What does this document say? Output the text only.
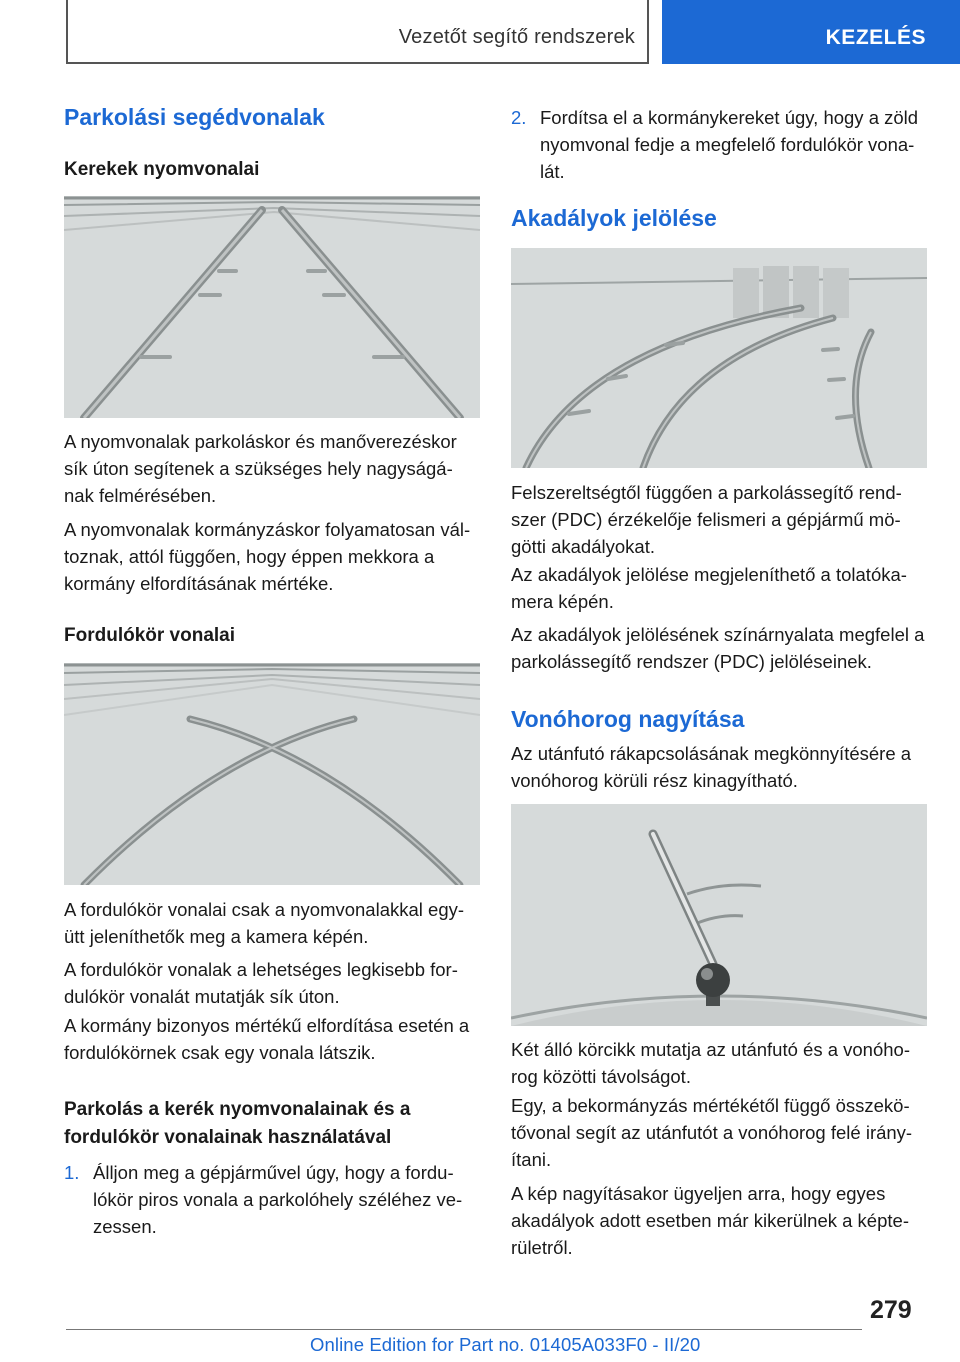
Vezetőt segítő rendszerek	KEZELÉS
Parkolási segédvonalak
Kerekek nyomvonalai

A nyomvonalak parkoláskor és manőverezéskor sík úton segítenek a szükséges hely nagyságá-nak felmérésében.

A nyomvonalak kormányzáskor folyamatosan vál-toznak, attól függően, hogy éppen mekkora a kormány elfordításának mértéke.

Fordulókör vonalai

A fordulókör vonalai csak a nyomvonalakkal egy-ütt jeleníthetők meg a kamera képén.

A fordulókör vonalak a lehetséges legkisebb for-dulókör vonalát mutatják sík úton.

A kormány bizonyos mértékű elfordítása esetén a fordulókörnek csak egy vonala látszik.

Parkolás a kerék nyomvonalainak és a fordulókör vonalainak használatával
1. Álljon meg a gépjárművel úgy, hogy a fordu-lókör piros vonala a parkolóhely széléhez ve-zessen.
2. Fordítsa el a kormánykereket úgy, hogy a zöld nyomvonal fedje a megfelelő fordulókör vona-lát.
Akadályok jelölése

Felszereltségtől függően a parkolássegítő rend-szer (PDC) érzékelője felismeri a gépjármű mö-götti akadályokat.

Az akadályok jelölése megjeleníthető a tolatóka-mera képén.

Az akadályok jelölésének színárnyalata megfelel a parkolássegítő rendszer (PDC) jelöléseinek.

Vonóhorog nagyítása

Az utánfutó rákapcsolásának megkönnyítésére a vonóhorog körüli rész kinagyítható.

Két álló körcikk mutatja az utánfutó és a vonóho-rog közötti távolságot.

Egy, a bekormányzás mértékétől függő összekö-tővonal segít az utánfutót a vonóhorog felé irány-ítani.

A kép nagyításakor ügyeljen arra, hogy egyes akadályok adott esetben már kikerülnek a képte-rületről.

279
Online Edition for Part no. 01405A033F0 - II/20
